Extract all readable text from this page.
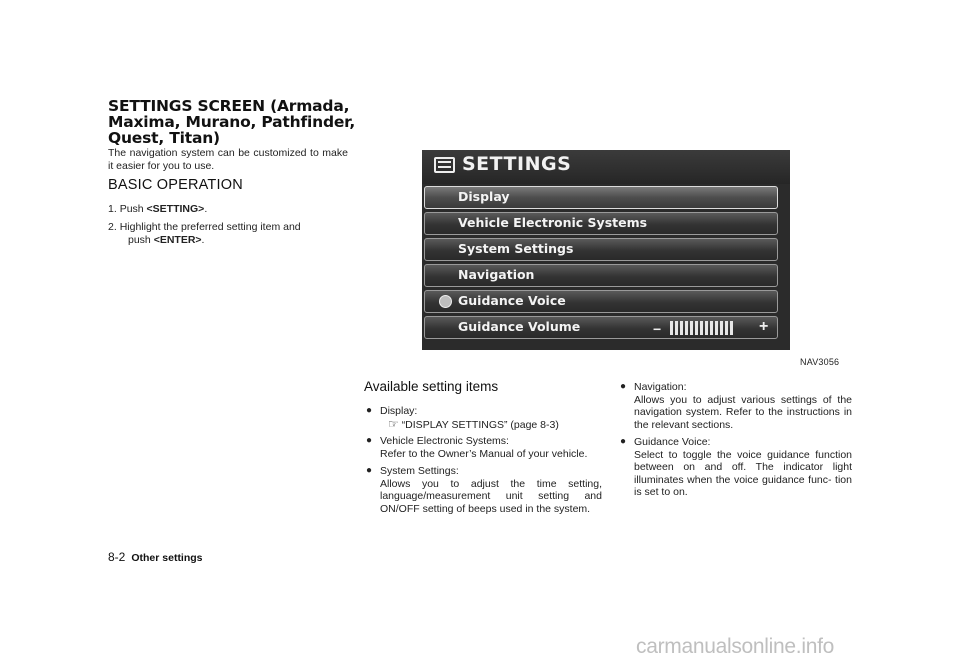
SETTINGS SCREEN (Armada, Maxima, Murano, Pathfinder, Quest, Titan)
The navigation system can be customized to make it easier for you to use.
BASIC OPERATION
1. Push <SETTING>.
2. Highlight the preferred setting item and
push <ENTER>.
SETTINGS
Display
Vehicle Electronic Systems
System Settings
Navigation
Guidance Voice
Guidance Volume	−	+
NAV3056
Available setting items
● Display:
☞ “DISPLAY SETTINGS” (page 8-3)
● Vehicle Electronic Systems:
Refer to the Owner’s Manual of your vehicle.
● System Settings:
Allows you to adjust the time setting, language/measurement unit setting and ON/OFF setting of beeps used in the system.
● Navigation:
Allows you to adjust various settings of the navigation system. Refer to the instructions in the relevant sections.
● Guidance Voice:
Select to toggle the voice guidance function between on and off. The indicator light illuminates when the voice guidance func- tion is set to on.
8-2 Other settings
carmanualsonline.info
